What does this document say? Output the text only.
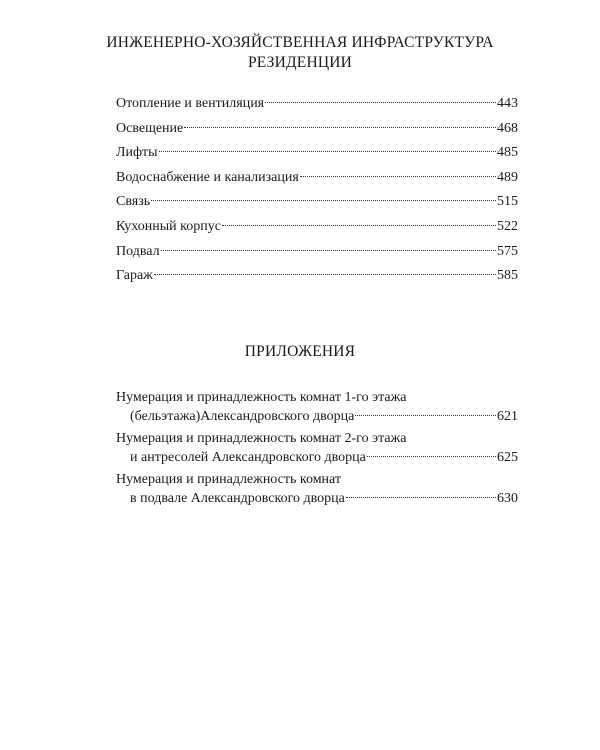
ИНЖЕНЕРНО-ХОЗЯЙСТВЕННАЯ ИНФРАСТРУКТУРА
РЕЗИДЕНЦИИ
Отопление и вентиляция	443
Освещение	468
Лифты	485
Водоснабжение и канализация	489
Связь	515
Кухонный корпус	522
Подвал	575
Гараж	585
ПРИЛОЖЕНИЯ
Нумерация и принадлежность комнат 1-го этажа
(бельэтажа)Александровского дворца	621
Нумерация и принадлежность комнат 2-го этажа
и антресолей Александровского дворца	625
Нумерация и принадлежность комнат
в подвале Александровского дворца	630
